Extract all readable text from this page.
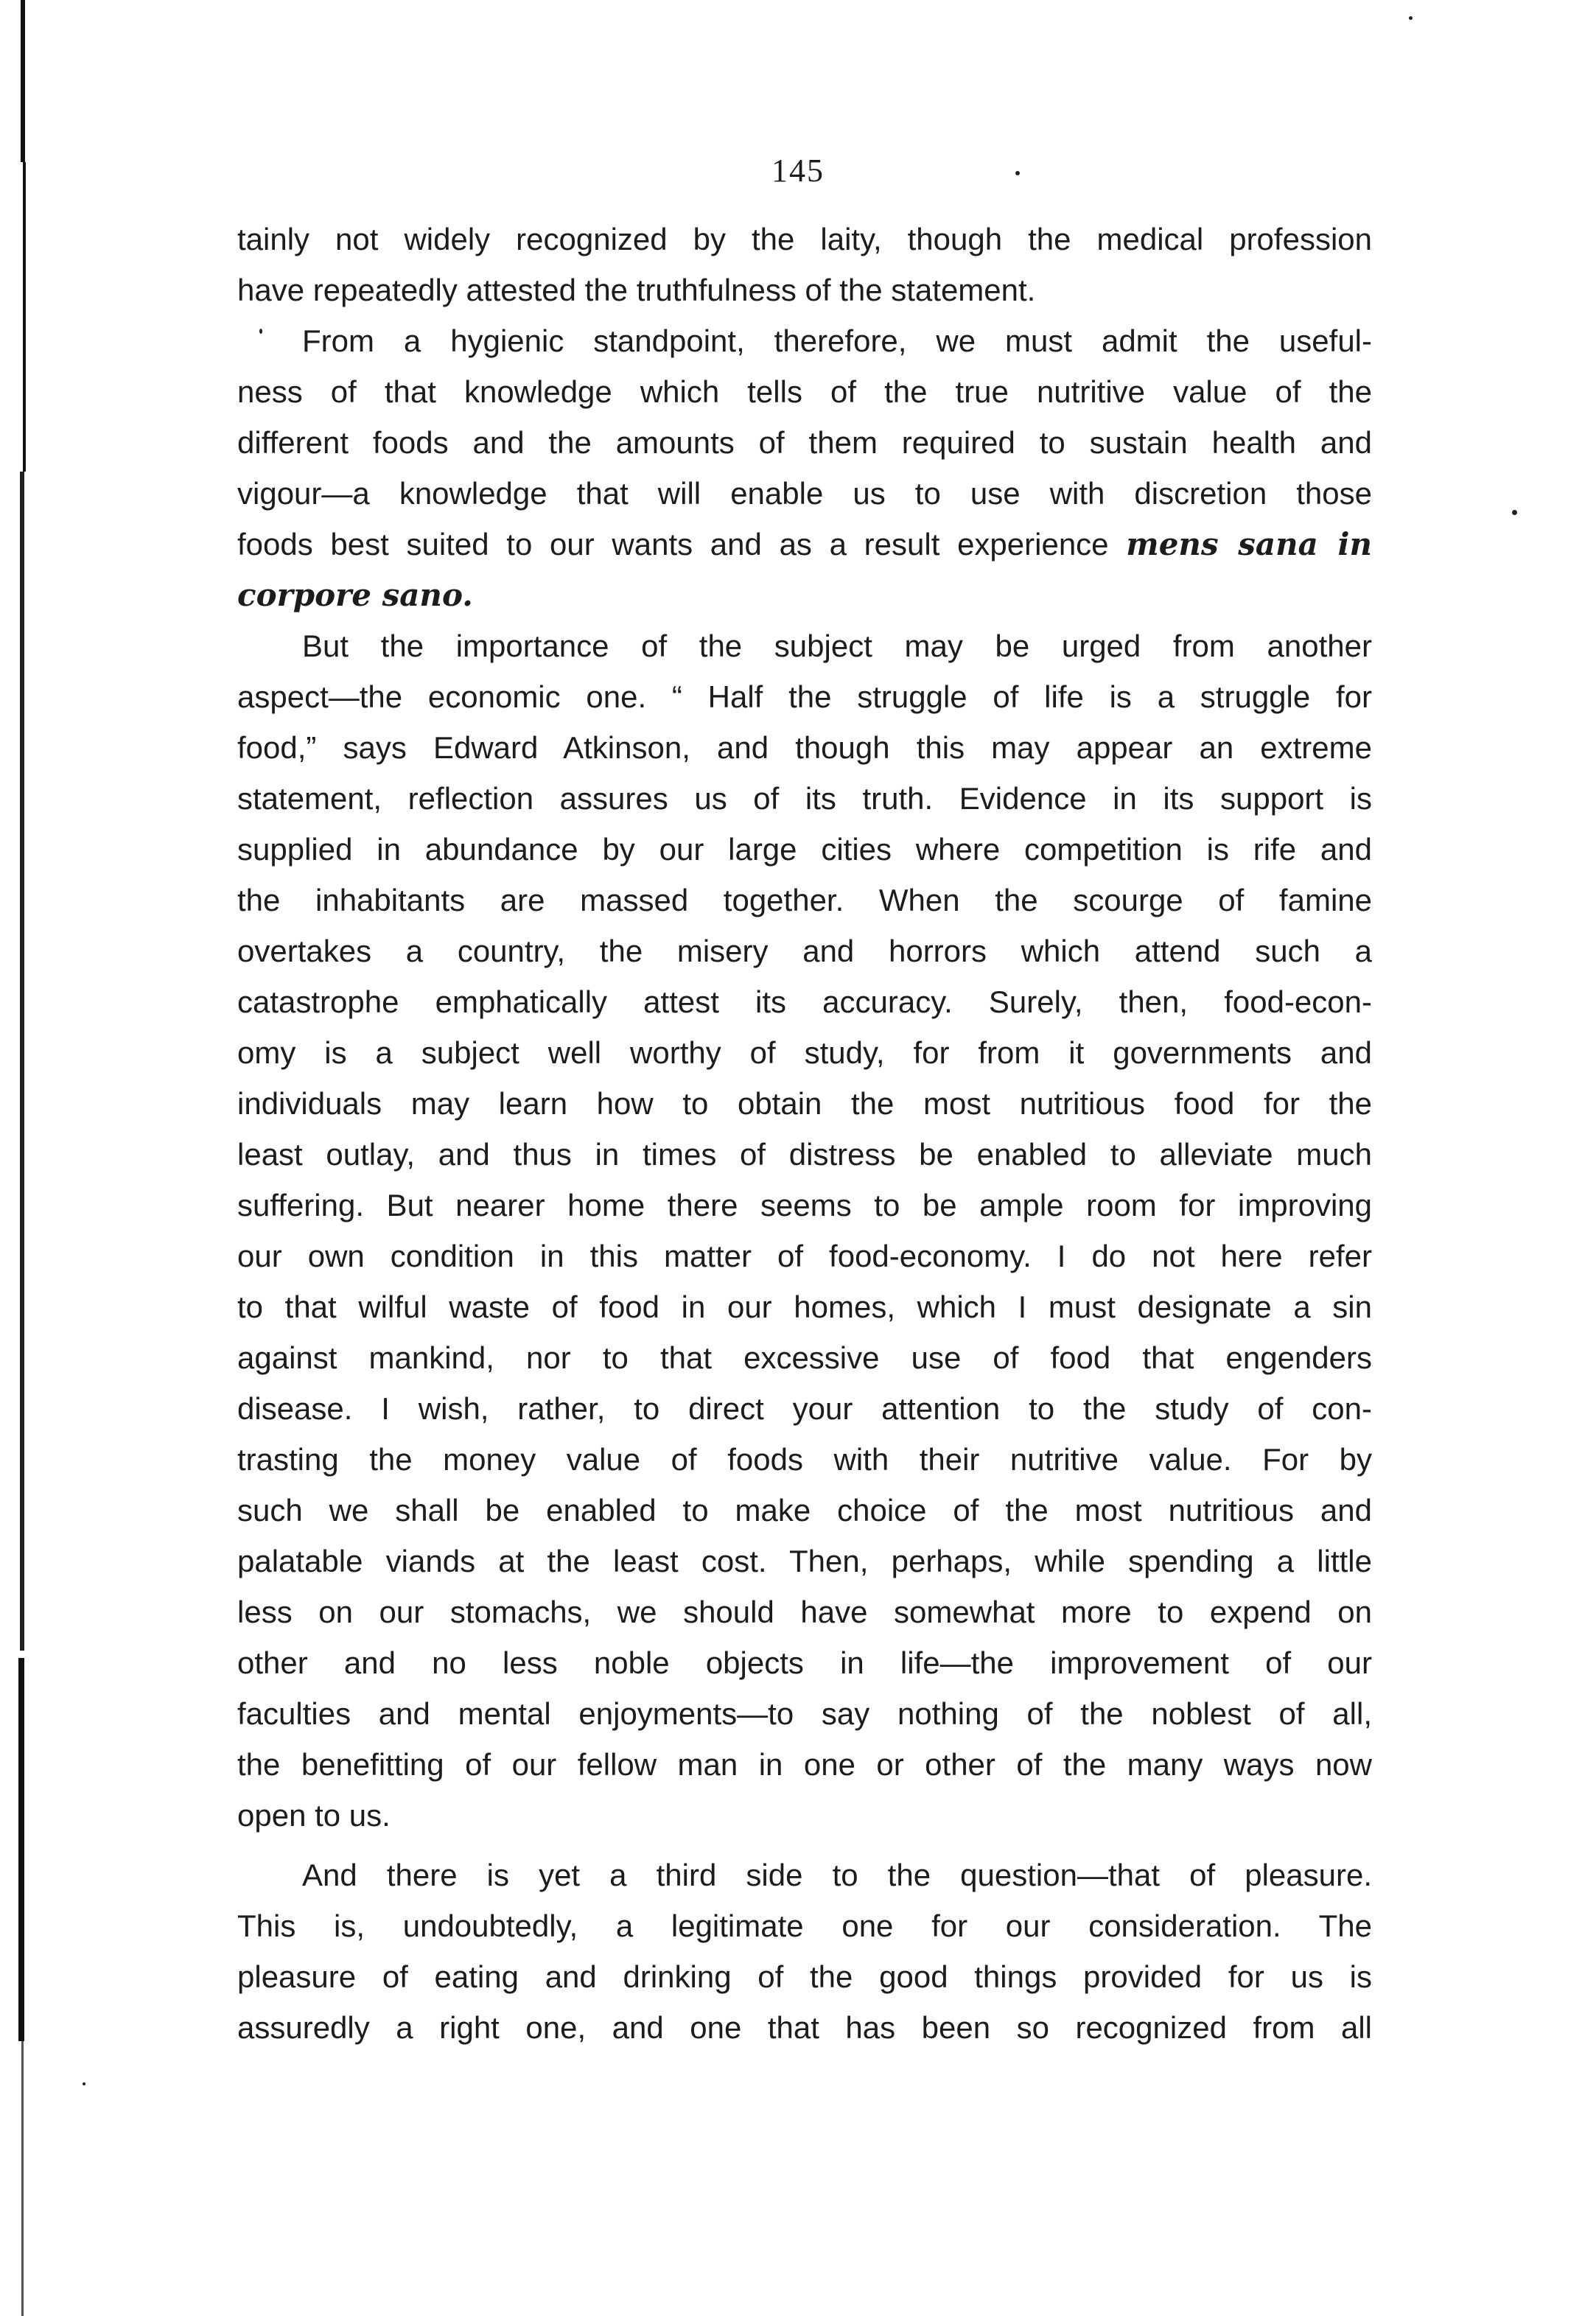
145
tainly not widely recognized by the laity, though the medical profession
have repeatedly attested the truthfulness of the statement.
From a hygienic standpoint, therefore, we must admit the useful-
ness of that knowledge which tells of the true nutritive value of the
different foods and the amounts of them required to sustain health and
vigour—a knowledge that will enable us to use with discretion those
foods best suited to our wants and as a result experience mens sana in
corpore sano.
But the importance of the subject may be urged from another
aspect—the economic one. “ Half the struggle of life is a struggle for
food,” says Edward Atkinson, and though this may appear an extreme
statement, reflection assures us of its truth. Evidence in its support is
supplied in abundance by our large cities where competition is rife and
the inhabitants are massed together. When the scourge of famine
overtakes a country, the misery and horrors which attend such a
catastrophe emphatically attest its accuracy. Surely, then, food-econ-
omy is a subject well worthy of study, for from it governments and
individuals may learn how to obtain the most nutritious food for the
least outlay, and thus in times of distress be enabled to alleviate much
suffering. But nearer home there seems to be ample room for improving
our own condition in this matter of food-economy. I do not here refer
to that wilful waste of food in our homes, which I must designate a sin
against mankind, nor to that excessive use of food that engenders
disease. I wish, rather, to direct your attention to the study of con-
trasting the money value of foods with their nutritive value. For by
such we shall be enabled to make choice of the most nutritious and
palatable viands at the least cost. Then, perhaps, while spending a little
less on our stomachs, we should have somewhat more to expend on
other and no less noble objects in life—the improvement of our
faculties and mental enjoyments—to say nothing of the noblest of all,
the benefitting of our fellow man in one or other of the many ways now
open to us.
And there is yet a third side to the question—that of pleasure.
This is, undoubtedly, a legitimate one for our consideration. The
pleasure of eating and drinking of the good things provided for us is
assuredly a right one, and one that has been so recognized from all
